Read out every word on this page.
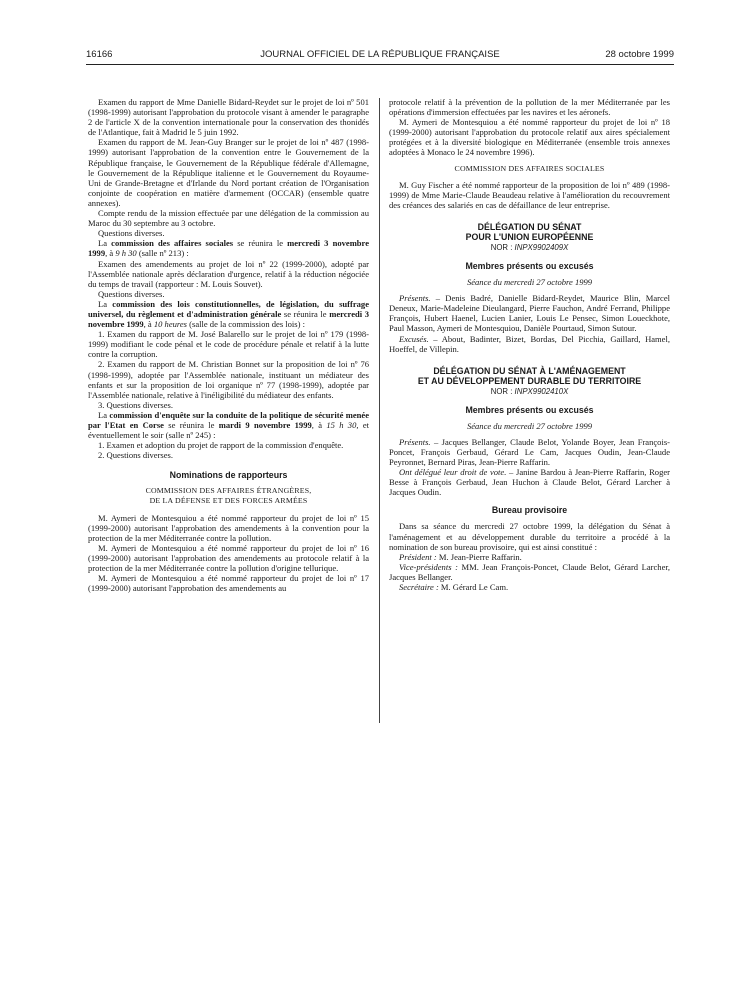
16166	JOURNAL OFFICIEL DE LA RÉPUBLIQUE FRANÇAISE	28 octobre 1999

Examen du rapport de Mme Danielle Bidard-Reydet sur le projet de loi nº 501 (1998-1999) autorisant l'approbation du protocole visant à amender le paragraphe 2 de l'article X de la convention internationale pour la conservation des thonidés de l'Atlantique, fait à Madrid le 5 juin 1992.

Examen du rapport de M. Jean-Guy Branger sur le projet de loi nº 487 (1998-1999) autorisant l'approbation de la convention entre le Gouvernement de la République française, le Gouvernement de la République fédérale d'Allemagne, le Gouvernement de la République italienne et le Gouvernement du Royaume-Uni de Grande-Bretagne et d'Irlande du Nord portant création de l'Organisation conjointe de coopération en matière d'armement (OCCAR) (ensemble quatre annexes).

Compte rendu de la mission effectuée par une délégation de la commission au Maroc du 30 septembre au 3 octobre.

Questions diverses.

La commission des affaires sociales se réunira le mercredi 3 novembre 1999, à 9 h 30 (salle nº 213) :

Examen des amendements au projet de loi nº 22 (1999-2000), adopté par l'Assemblée nationale après déclaration d'urgence, relatif à la réduction négociée du temps de travail (rapporteur : M. Louis Souvet).

Questions diverses.

La commission des lois constitutionnelles, de législation, du suffrage universel, du règlement et d'administration générale se réunira le mercredi 3 novembre 1999, à 10 heures (salle de la commission des lois) :

1. Examen du rapport de M. José Balarello sur le projet de loi nº 179 (1998-1999) modifiant le code pénal et le code de procédure pénale et relatif à la lutte contre la corruption.

2. Examen du rapport de M. Christian Bonnet sur la proposition de loi nº 76 (1998-1999), adoptée par l'Assemblée nationale, instituant un médiateur des enfants et sur la proposition de loi organique nº 77 (1998-1999), adoptée par l'Assemblée nationale, relative à l'inéligibilité du médiateur des enfants.

3. Questions diverses.

La commission d'enquête sur la conduite de la politique de sécurité menée par l'Etat en Corse se réunira le mardi 9 novembre 1999, à 15 h 30, et éventuellement le soir (salle nº 245) :

1. Examen et adoption du projet de rapport de la commission d'enquête.

2. Questions diverses.

Nominations de rapporteurs
COMMISSION DES AFFAIRES ÉTRANGÈRES,
DE LA DÉFENSE ET DES FORCES ARMÉES

M. Aymeri de Montesquiou a été nommé rapporteur du projet de loi nº 15 (1999-2000) autorisant l'approbation des amendements à la convention pour la protection de la mer Méditerranée contre la pollution.

M. Aymeri de Montesquiou a été nommé rapporteur du projet de loi nº 16 (1999-2000) autorisant l'approbation des amendements au protocole relatif à la protection de la mer Méditerranée contre la pollution d'origine tellurique.

M. Aymeri de Montesquiou a été nommé rapporteur du projet de loi nº 17 (1999-2000) autorisant l'approbation des amendements au

protocole relatif à la prévention de la pollution de la mer Méditerranée par les opérations d'immersion effectuées par les navires et les aéronefs.

M. Aymeri de Montesquiou a été nommé rapporteur du projet de loi nº 18 (1999-2000) autorisant l'approbation du protocole relatif aux aires spécialement protégées et à la diversité biologique en Méditerranée (ensemble trois annexes adoptées à Monaco le 24 novembre 1996).

COMMISSION DES AFFAIRES SOCIALES

M. Guy Fischer a été nommé rapporteur de la proposition de loi nº 489 (1998-1999) de Mme Marie-Claude Beaudeau relative à l'amélioration du recouvrement des créances des salariés en cas de défaillance de leur entreprise.

DÉLÉGATION DU SÉNAT
POUR L'UNION EUROPÉENNE
NOR : INPX9902409X
Membres présents ou excusés
Séance du mercredi 27 octobre 1999

Présents. – Denis Badré, Danielle Bidard-Reydet, Maurice Blin, Marcel Deneux, Marie-Madeleine Dieulangard, Pierre Fauchon, André Ferrand, Philippe François, Hubert Haenel, Lucien Lanier, Louis Le Pensec, Simon Loueckhote, Paul Masson, Aymeri de Montesquiou, Danièle Pourtaud, Simon Sutour.

Excusés. – About, Badinter, Bizet, Bordas, Del Picchia, Gaillard, Hamel, Hoeffel, de Villepin.

DÉLÉGATION DU SÉNAT À L'AMÉNAGEMENT
ET AU DÉVELOPPEMENT DURABLE DU TERRITOIRE
NOR : INPX9902410X
Membres présents ou excusés
Séance du mercredi 27 octobre 1999

Présents. – Jacques Bellanger, Claude Belot, Yolande Boyer, Jean François-Poncet, François Gerbaud, Gérard Le Cam, Jacques Oudin, Jean-Claude Peyronnet, Bernard Piras, Jean-Pierre Raffarin.

Ont délégué leur droit de vote. – Janine Bardou à Jean-Pierre Raffarin, Roger Besse à François Gerbaud, Jean Huchon à Claude Belot, Gérard Larcher à Jacques Oudin.

Bureau provisoire

Dans sa séance du mercredi 27 octobre 1999, la délégation du Sénat à l'aménagement et au développement durable du territoire a procédé à la nomination de son bureau provisoire, qui est ainsi constitué :

Président : M. Jean-Pierre Raffarin.

Vice-présidents : MM. Jean François-Poncet, Claude Belot, Gérard Larcher, Jacques Bellanger.

Secrétaire : M. Gérard Le Cam.
